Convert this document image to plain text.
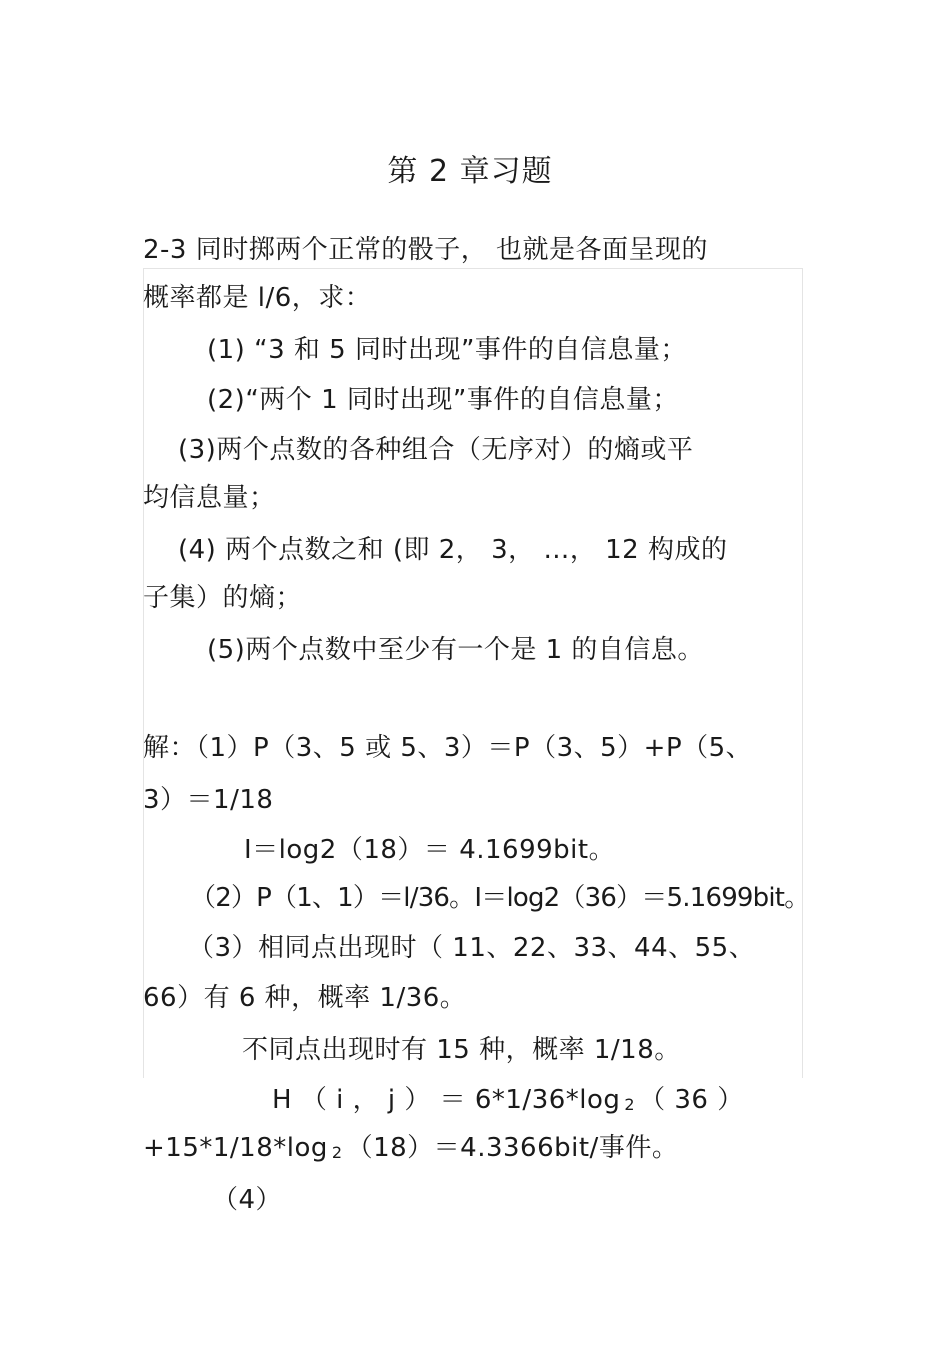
第 2 章习题
2-3 同时掷两个正常的骰子， 也就是各面呈现的
概率都是 l/6，求：
(1) “3 和 5 同时出现”事件的自信息量；
(2)“两个 1 同时出现”事件的自信息量；
(3)两个点数的各种组合（无序对）的熵或平
均信息量；
(4) 两个点数之和 (即 2， 3， …， 12 构成的
子集）的熵；
(5)两个点数中至少有一个是 1 的自信息。
解：（1）P（3、5 或 5、3）＝P（3、5）+P（5、
3）＝1/18
I＝log2（18）＝ 4.1699bit。
（2）P（1、1）＝l/36。I＝log2（36）＝5.1699bit。
（3）相同点出现时（ 11、22、33、44、55、
66）有 6 种，概率 1/36。
不同点出现时有 15 种，概率 1/18。
H （ i ， j ） ＝ 6*1/36*log 2 （ 36 ）
+15*1/18*log 2 （18）＝4.3366bit/事件。
（4）
